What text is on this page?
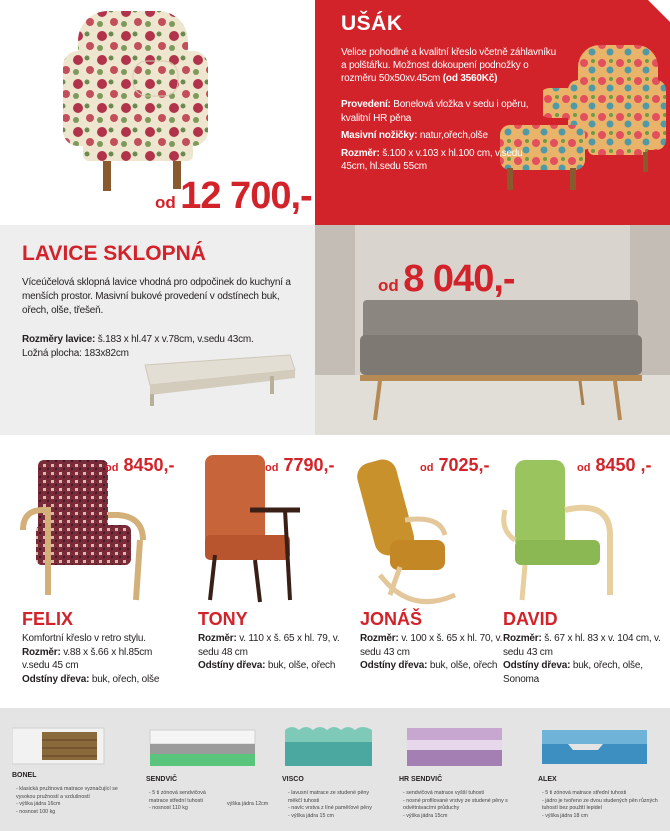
od 12 700,-
UŠÁK
Velice pohodlné a kvalitní křeslo včetně záhlavníku a polštářku. Možnost dokoupení podnožky o rozměru 50x50xv.45cm (od 3560Kč)
Provedení: Bonelová vložka v sedu i opěru, kvalitní HR pěna
Masivní nožičky: natur,ořech,olše
Rozměr: š.100 x v.103 x hl.100 cm, v.sedu 45cm, hl.sedu 55cm
LAVICE SKLOPNÁ
Víceúčelová sklopná lavice vhodná pro odpočinek do kuchyní a menších prostor. Masivní bukové provedení v odstínech buk, ořech, olše, třešeň.
Rozměry lavice: š.183 x hl.47 x v.78cm, v.sedu 43cm. Ložná plocha: 183x82cm
od 8 040,-
od 8450,-
FELIX
Komfortní křeslo v retro stylu.
Rozměr: v.88 x š.66 x hl.85cm v.sedu 45 cm
Odstíny dřeva: buk, ořech, olše
od 7790,-
TONY
Rozměr: v. 110 x š. 65 x hl. 79, v. sedu 48 cm
Odstíny dřeva: buk, olše, ořech
od 7025,-
JONÁŠ
Rozměr: v. 100 x š. 65 x hl. 70, v. sedu 43 cm
Odstíny dřeva: buk, olše, ořech
od 8450 ,-
DAVID
Rozměr: š. 67 x hl. 83 x v. 104 cm, v. sedu 43 cm
Odstíny dřeva: buk, ořech, olše, Sonoma
BONEL
- klasická pružinová matrace vyznačující se vysokou pružností a vzdušností
- výška jádra 16cm
- nosnost 100 kg
SENDVIČ
- 5 ti zónová sendvičová matrace střední tuhosti
- nosnost 110 kg
výška jádra 12cm
VISCO
- lavusní matrace ze studené pěny měkčí tuhosti
- navíc vrstva z líné paměťové pěny
- výška jádra 15 cm
HR SENDVIČ
- sendvičová matrace vyšší tuhosti
- nosné profilované vrstvy ze studené pěny s odvětrávacími průduchy
- výška jádra 15cm
ALEX
- 5 ti zónová matrace střední tuhosti
- jádro je tvořeno ze dvou studených pěn různých tuhostí bez použití lepidel
- výška jádra 18 cm
